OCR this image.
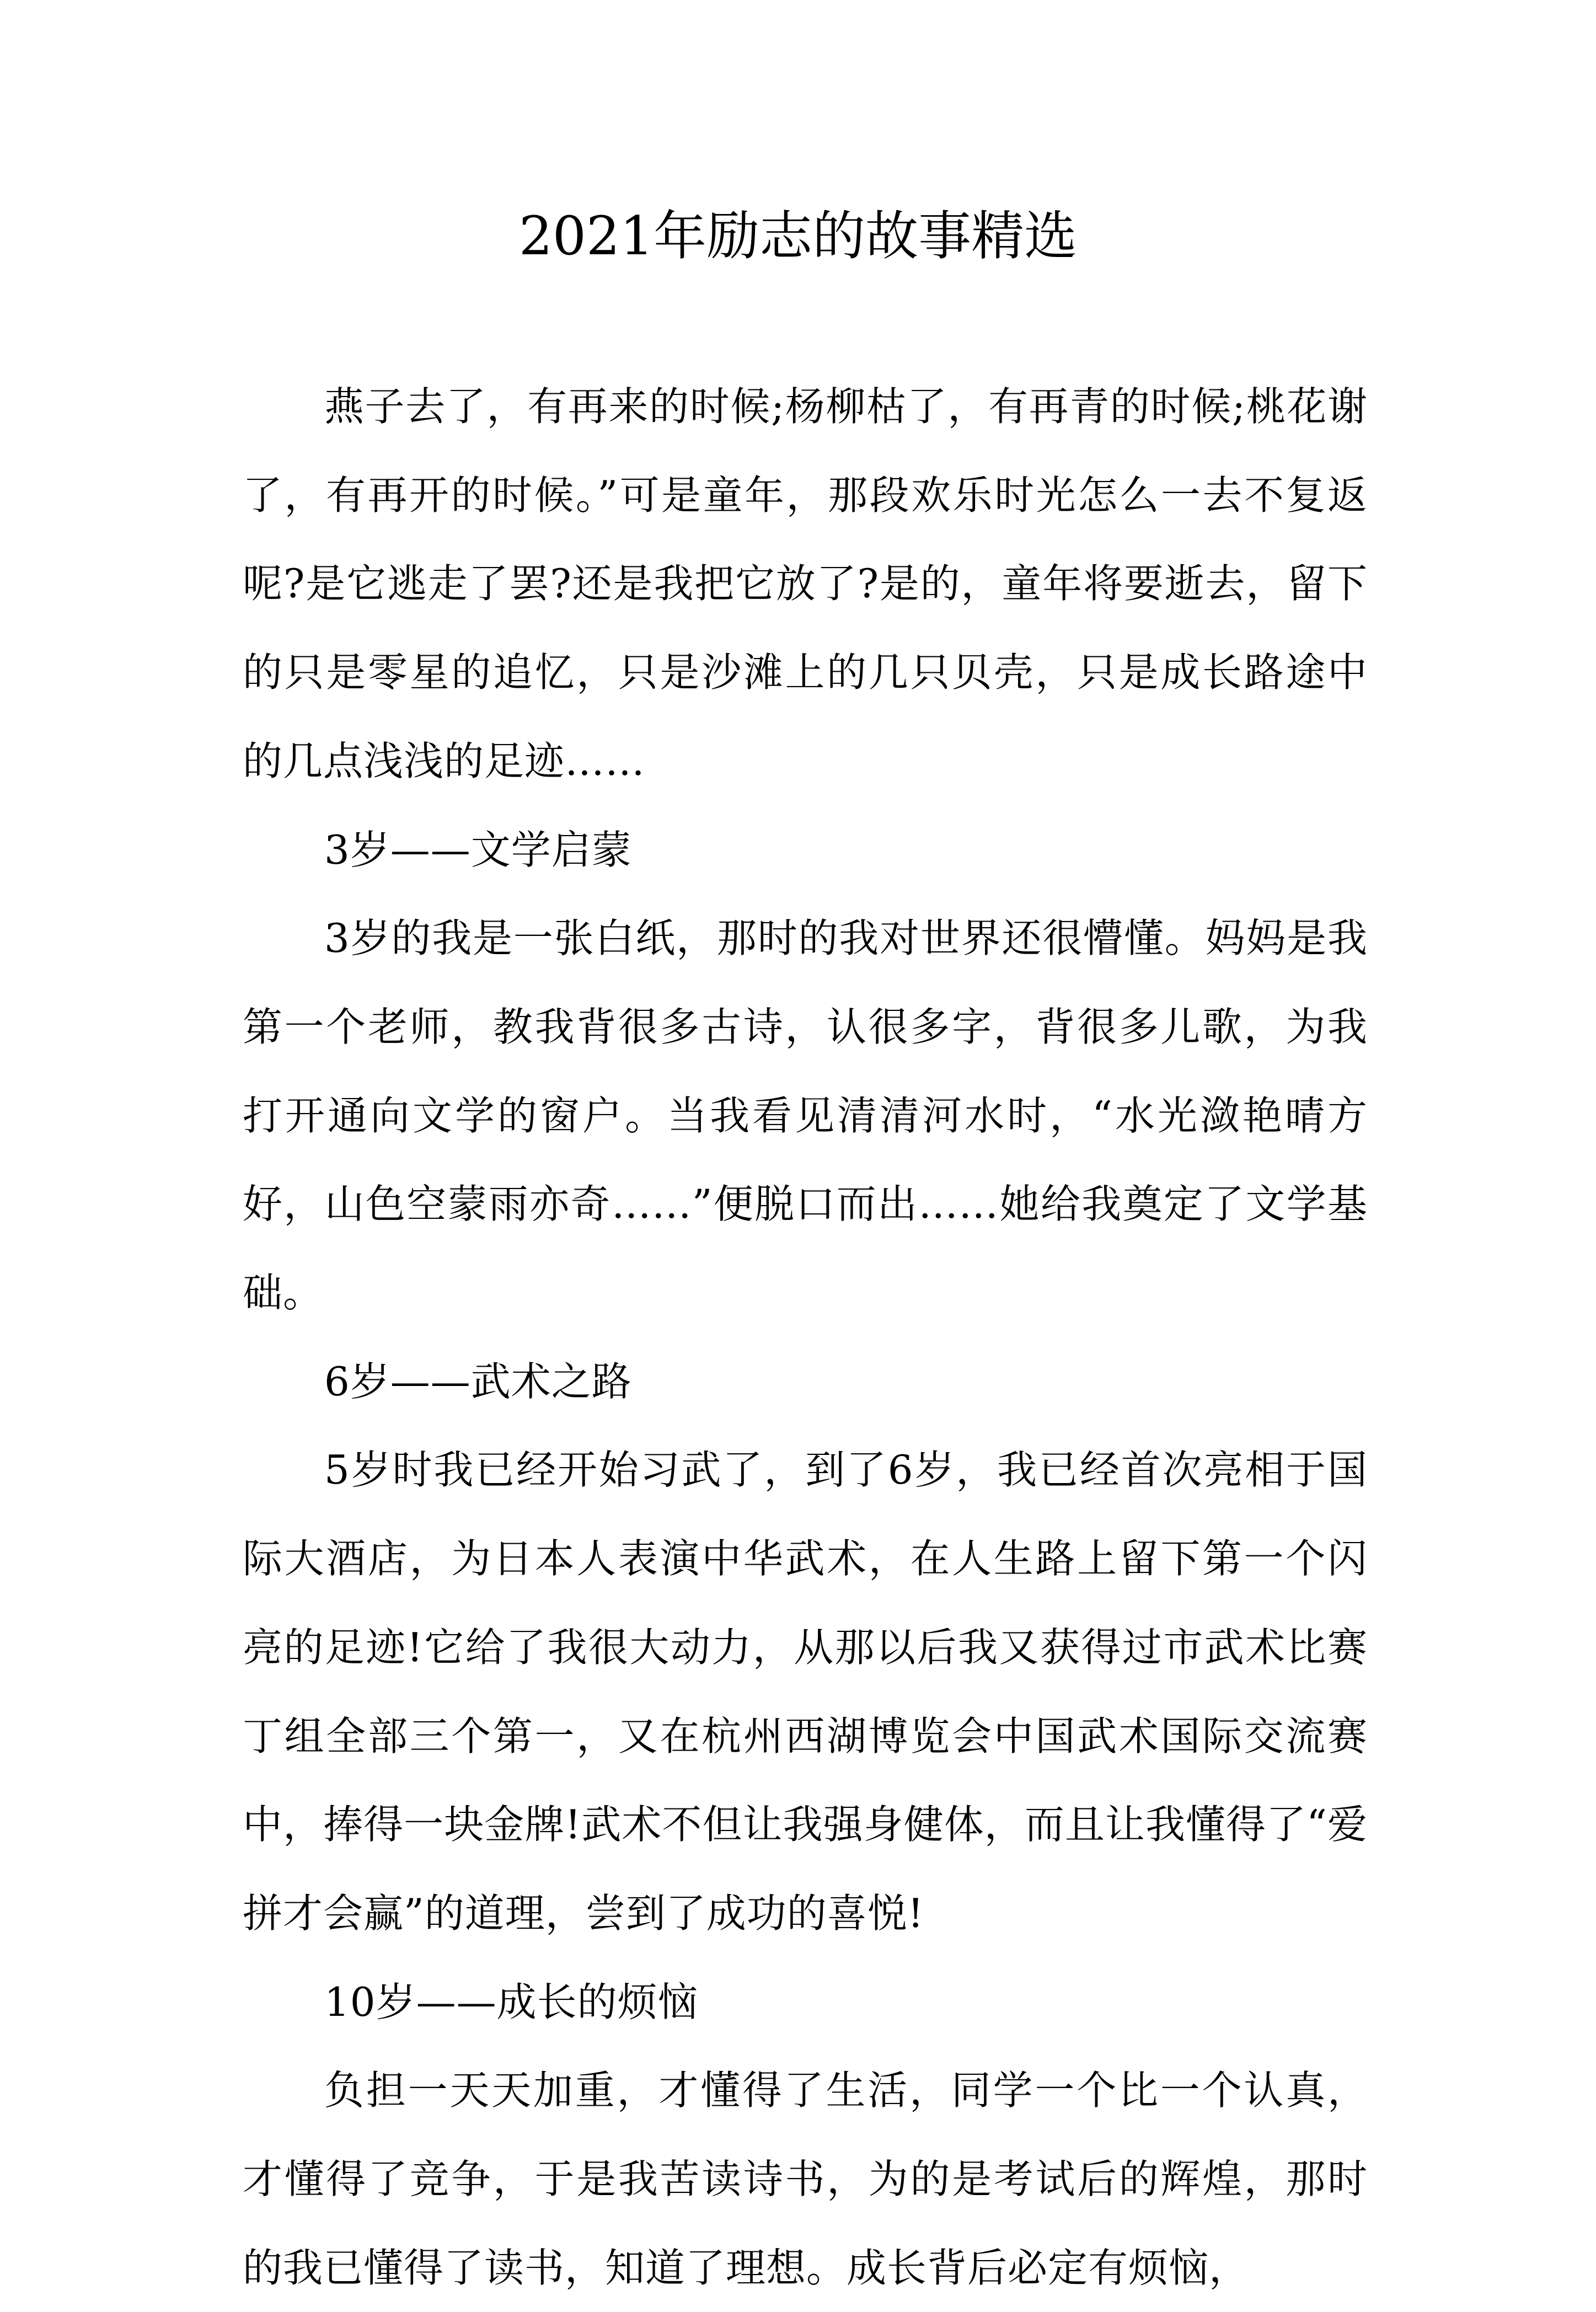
2021年励志的故事精选

燕子去了，有再来的时候;杨柳枯了，有再青的时候;桃花谢了，有再开的时候。”可是童年，那段欢乐时光怎么一去不复返呢?是它逃走了罢?还是我把它放了?是的，童年将要逝去，留下的只是零星的追忆，只是沙滩上的几只贝壳，只是成长路途中的几点浅浅的足迹……

3岁——文学启蒙

3岁的我是一张白纸，那时的我对世界还很懵懂。妈妈是我第一个老师，教我背很多古诗，认很多字，背很多儿歌，为我打开通向文学的窗户。当我看见清清河水时，“水光潋艳晴方好，山色空蒙雨亦奇……”便脱口而出……她给我奠定了文学基础。

6岁——武术之路

5岁时我已经开始习武了，到了6岁，我已经首次亮相于国际大酒店，为日本人表演中华武术，在人生路上留下第一个闪亮的足迹!它给了我很大动力，从那以后我又获得过市武术比赛丁组全部三个第一，又在杭州西湖博览会中国武术国际交流赛中，捧得一块金牌!武术不但让我强身健体，而且让我懂得了“爱拼才会赢”的道理，尝到了成功的喜悦!

10岁——成长的烦恼

负担一天天加重，才懂得了生活，同学一个比一个认真，才懂得了竞争，于是我苦读诗书，为的是考试后的辉煌，那时的我已懂得了读书，知道了理想。成长背后必定有烦恼，
